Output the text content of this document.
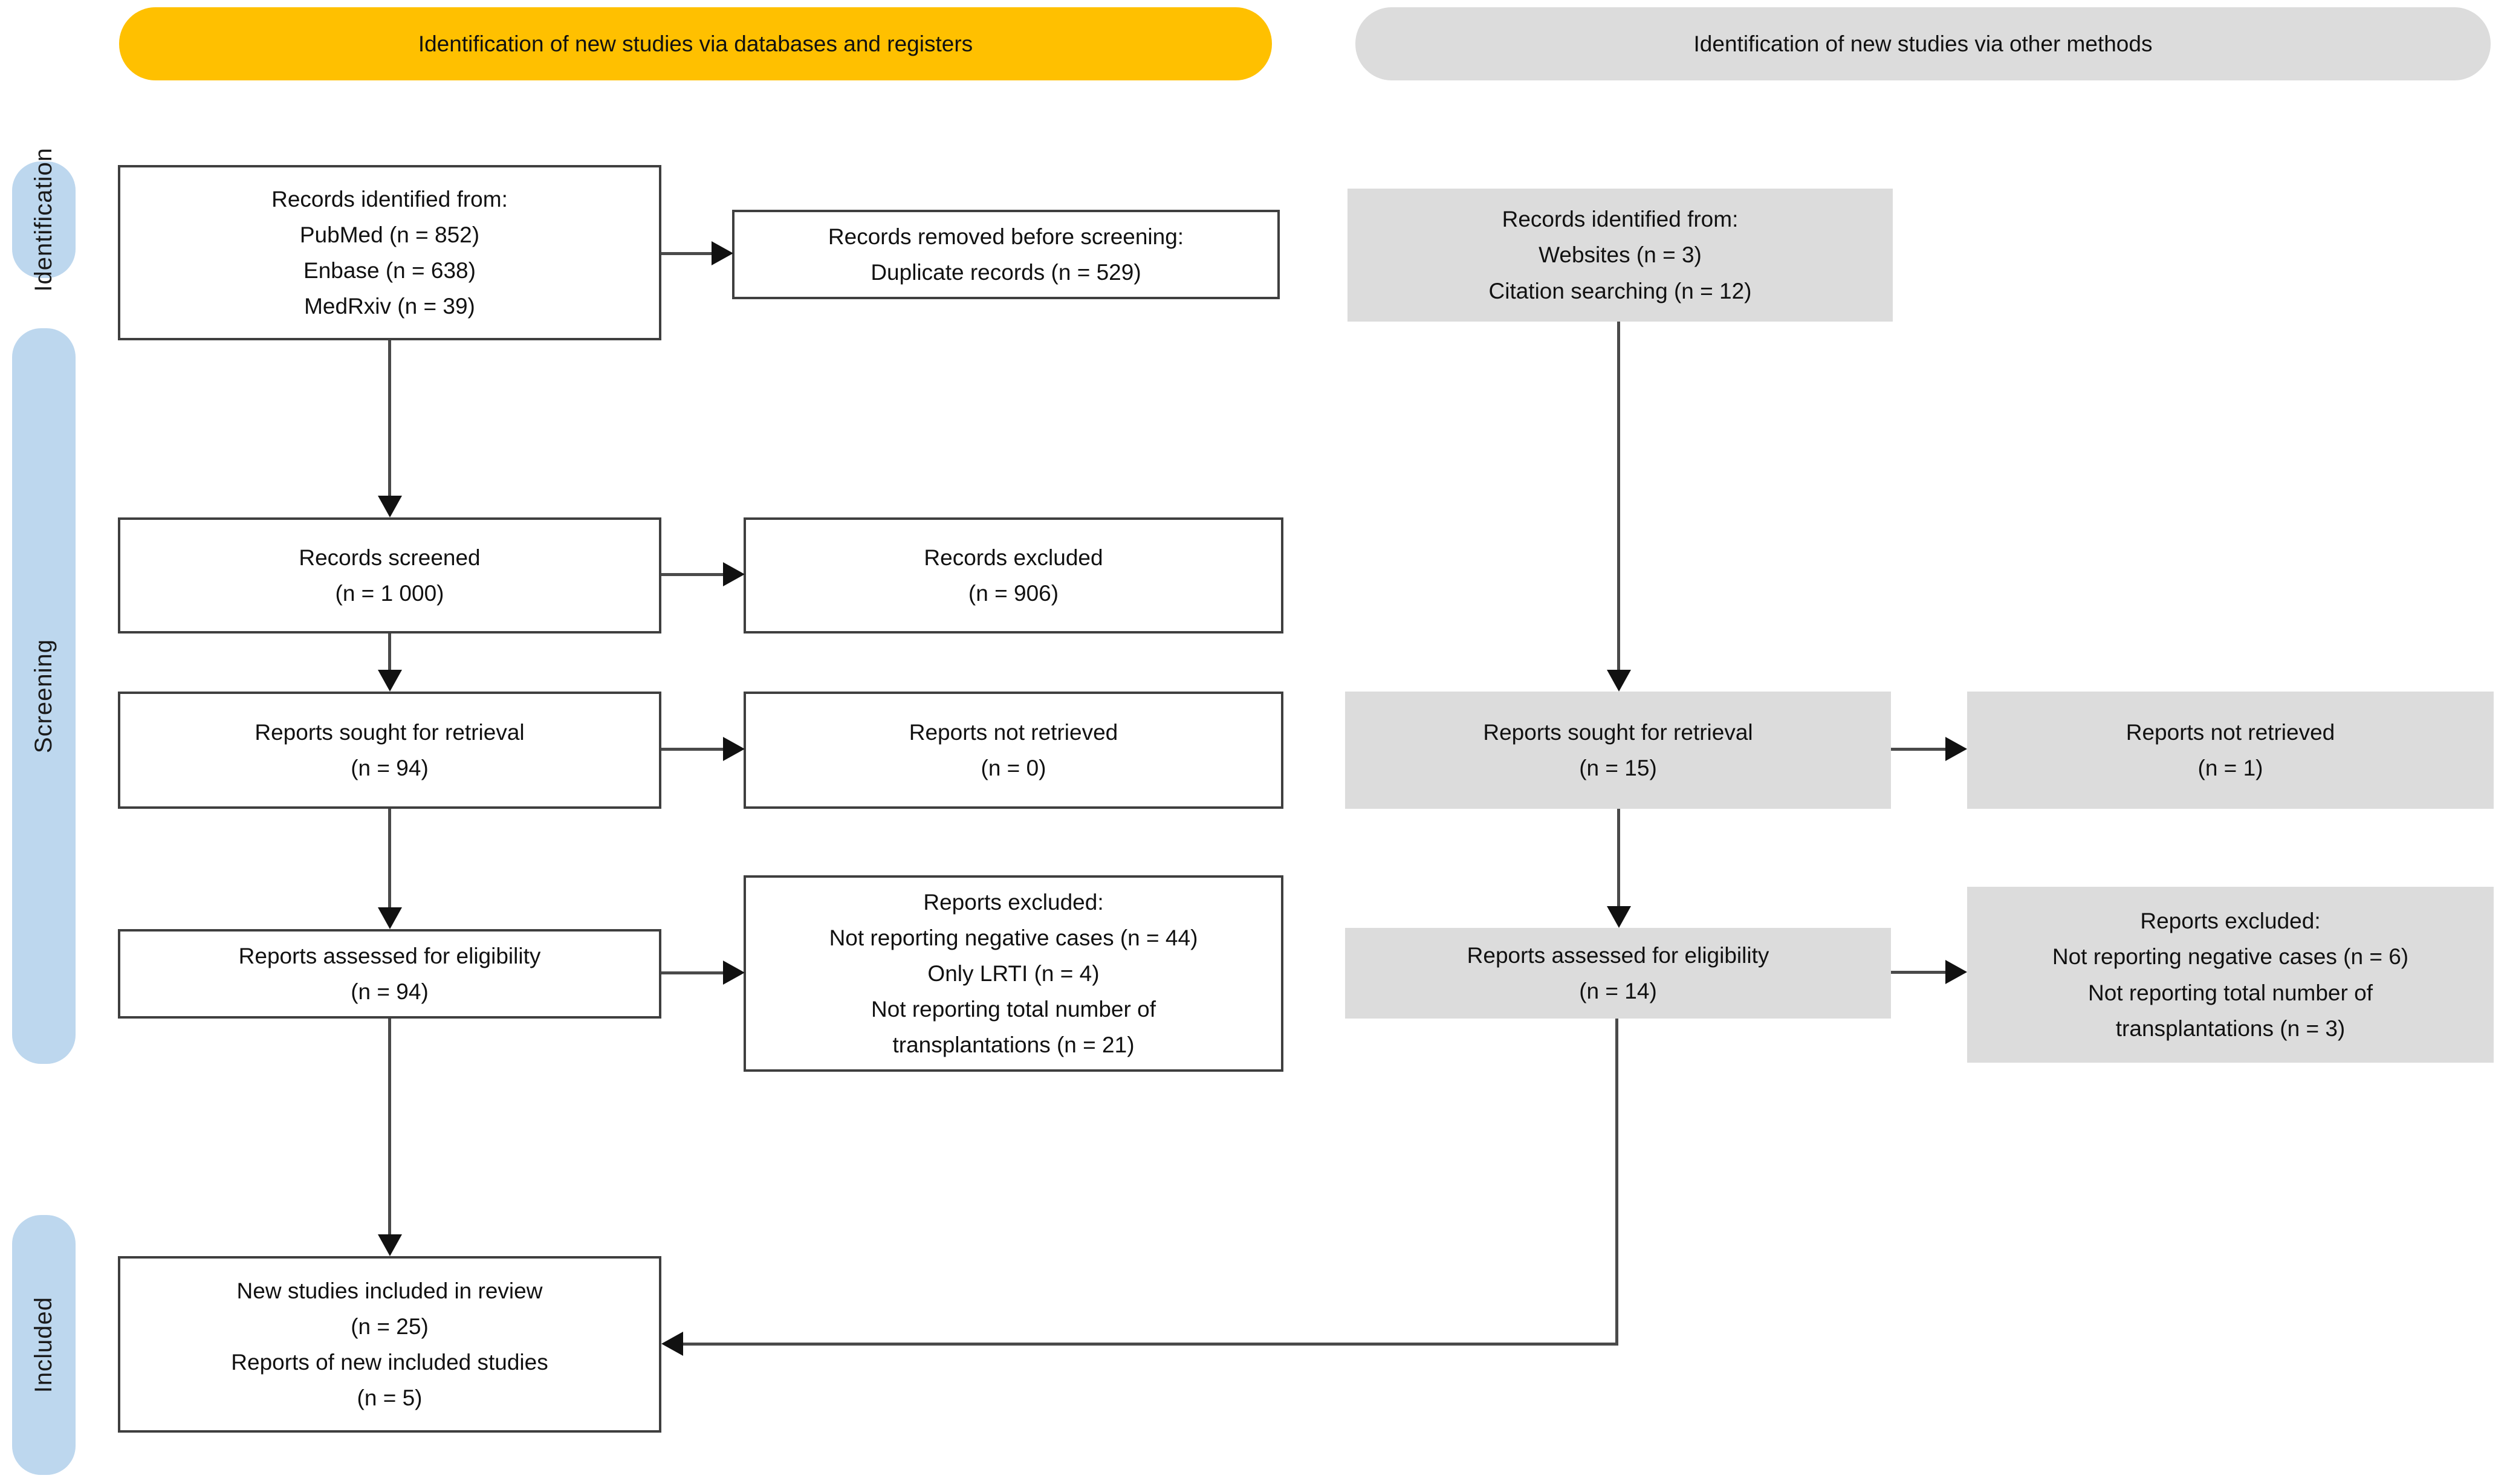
Identification of new studies via databases and registers	Identification of new studies via other methods
Identification
Screening
Included
Records identified from:
PubMed (n = 852)
Enbase (n = 638)
MedRxiv (n = 39)
Records removed before screening:
Duplicate records (n = 529)
Records identified from:
Websites (n = 3)
Citation searching (n = 12)
Records screened
(n = 1 000)
Records excluded
(n = 906)
Reports sought for retrieval
(n = 94)
Reports not retrieved
(n = 0)
Reports sought for retrieval
(n = 15)
Reports not retrieved
(n = 1)
Reports assessed for eligibility
(n = 94)
Reports excluded:
Not reporting negative cases (n = 44)
Only LRTI (n = 4)
Not reporting total number of
transplantations (n = 21)
Reports assessed for eligibility
(n = 14)
Reports excluded:
Not reporting negative cases (n = 6)
Not reporting total number of
transplantations (n = 3)
New studies included in review
(n = 25)
Reports of new included studies
(n = 5)
